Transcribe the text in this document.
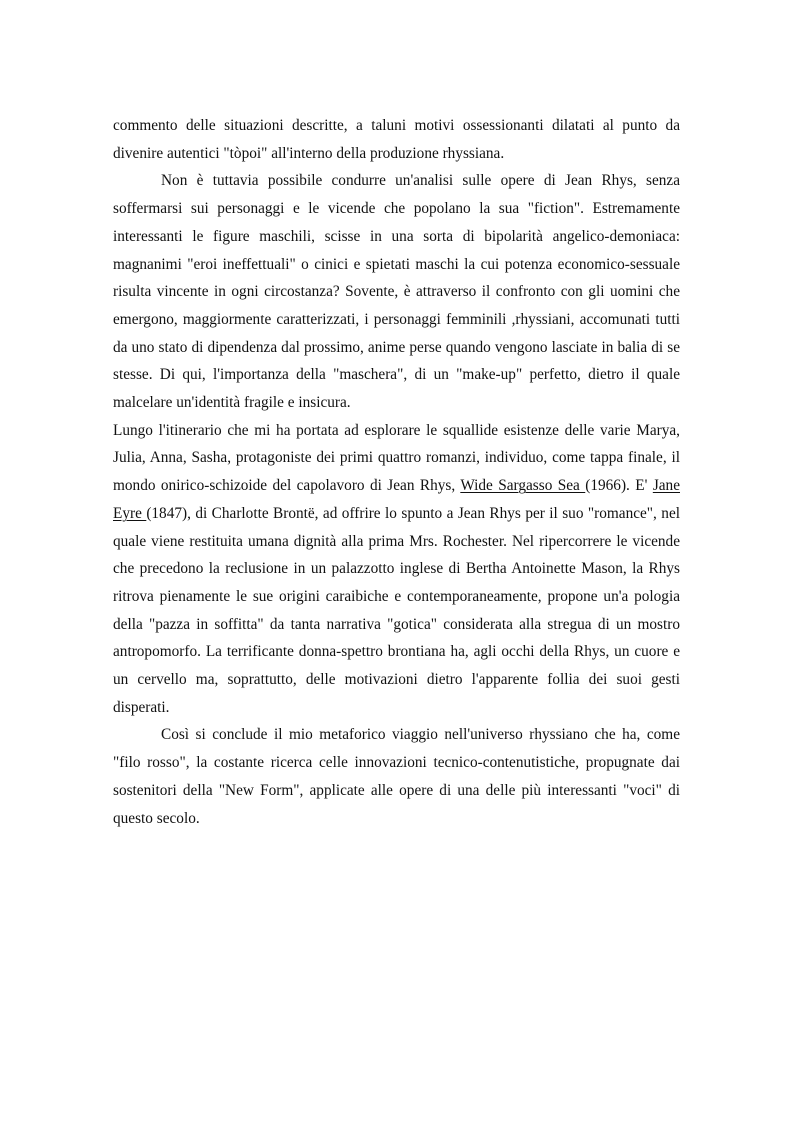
commento delle situazioni descritte, a taluni motivi ossessionanti dilatati al punto da divenire autentici "tòpoi" all'interno della produzione rhyssiana.

Non è tuttavia possibile condurre un'analisi sulle opere di Jean Rhys, senza soffermarsi sui personaggi e le vicende che popolano la sua "fiction". Estremamente interessanti le figure maschili, scisse in una sorta di bipolarità angelico-demoniaca: magnanimi "eroi ineffettuali" o cinici e spietati maschi la cui potenza economico-sessuale risulta vincente in ogni circostanza? Sovente, è attraverso il confronto con gli uomini che emergono, maggiormente caratterizzati, i personaggi femminili ,rhyssiani, accomunati tutti da uno stato di dipendenza dal prossimo, anime perse quando vengono lasciate in balia di se stesse. Di qui, l'importanza della "maschera", di un "make-up" perfetto, dietro il quale malcelare un'identità fragile e insicura.

Lungo l'itinerario che mi ha portata ad esplorare le squallide esistenze delle varie Marya, Julia, Anna, Sasha, protagoniste dei primi quattro romanzi, individuo, come tappa finale, il mondo onirico-schizoide del capolavoro di Jean Rhys, Wide Sargasso Sea (1966). E' Jane Eyre (1847), di Charlotte Brontë, ad offrire lo spunto a Jean Rhys per il suo "romance", nel quale viene restituita umana dignità alla prima Mrs. Rochester. Nel ripercorrere le vicende che precedono la reclusione in un palazzotto inglese di Bertha Antoinette Mason, la Rhys ritrova pienamente le sue origini caraibiche e contemporaneamente, propone un'a pologia della "pazza in soffitta" da tanta narrativa "gotica" considerata alla stregua di un mostro antropomorfo. La terrificante donna-spettro brontiana ha, agli occhi della Rhys, un cuore e un cervello ma, soprattutto, delle motivazioni dietro l'apparente follia dei suoi gesti disperati.

Così si conclude il mio metaforico viaggio nell'universo rhyssiano che ha, come "filo rosso", la costante ricerca celle innovazioni tecnico-contenutistiche, propugnate dai sostenitori della "New Form", applicate alle opere di una delle più interessanti "voci" di questo secolo.
